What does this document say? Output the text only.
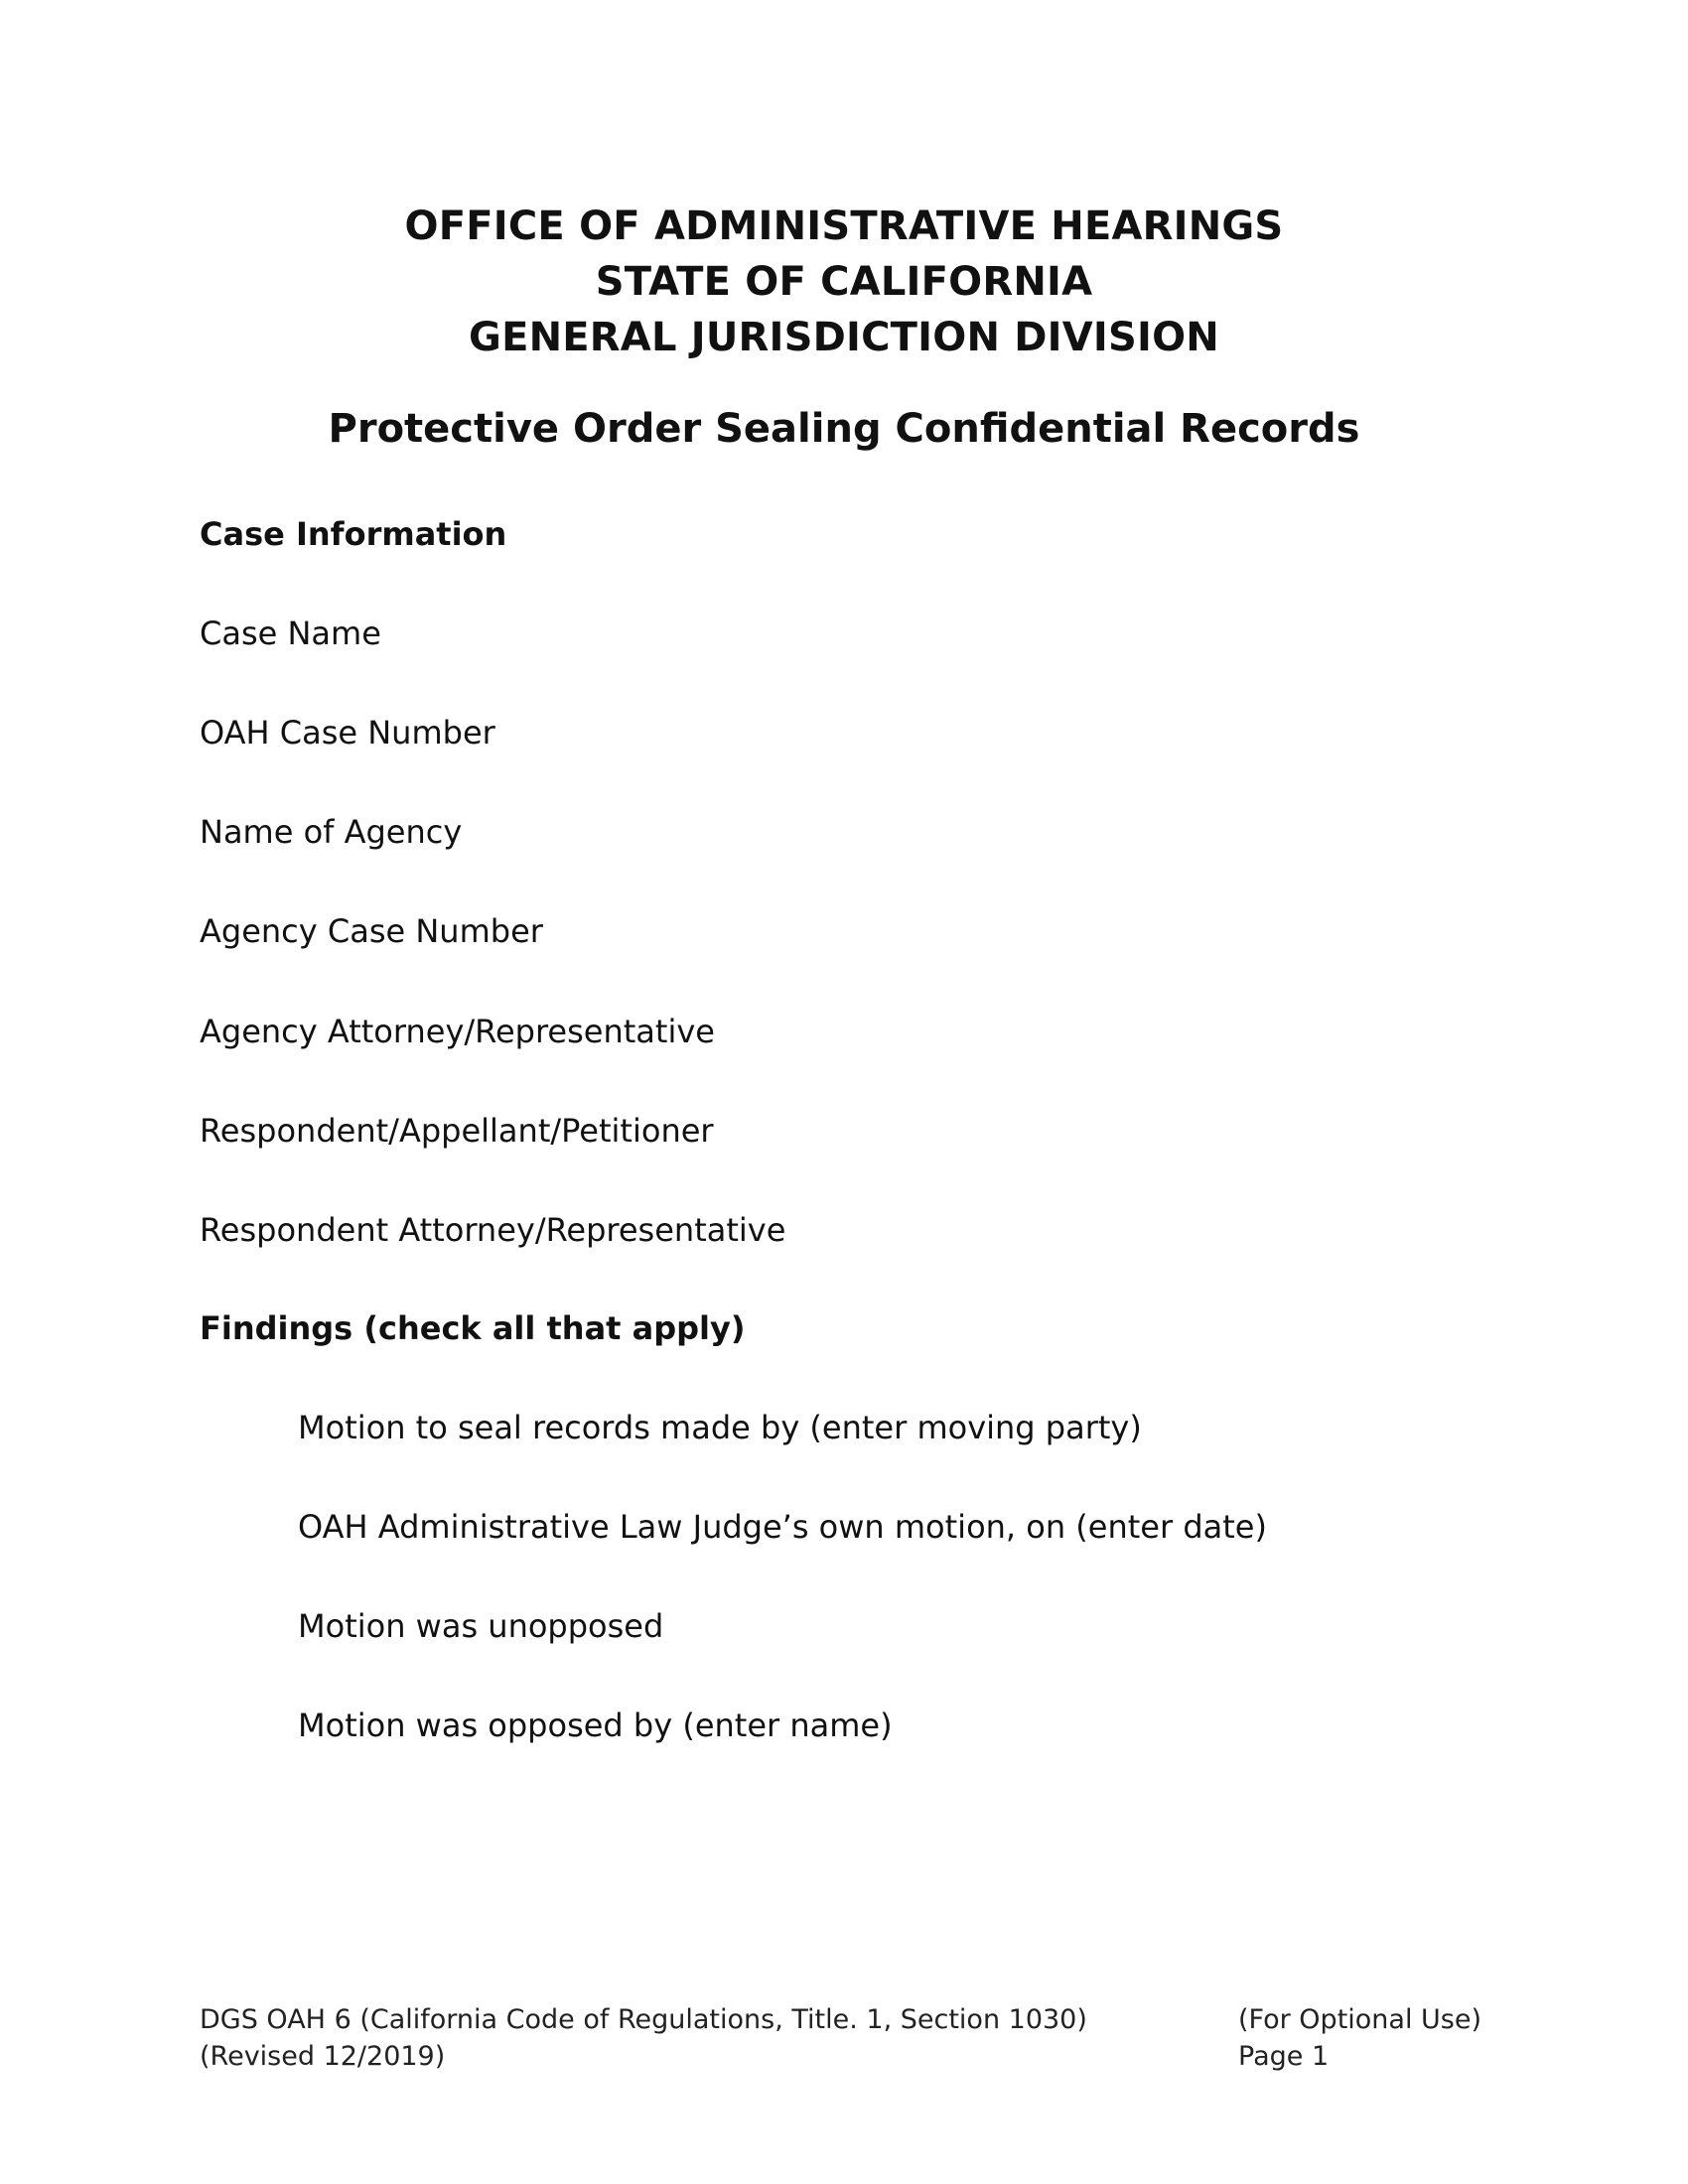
OFFICE OF ADMINISTRATIVE HEARINGS
STATE OF CALIFORNIA
GENERAL JURISDICTION DIVISION
Protective Order Sealing Confidential Records
Case Information
Case Name
OAH Case Number
Name of Agency
Agency Case Number
Agency Attorney/Representative
Respondent/Appellant/Petitioner
Respondent Attorney/Representative
Findings (check all that apply)
Motion to seal records made by (enter moving party)
OAH Administrative Law Judge’s own motion, on (enter date)
Motion was unopposed
Motion was opposed by (enter name)
DGS OAH 6 (California Code of Regulations, Title. 1, Section 1030)
(Revised 12/2019)
(For Optional Use)
Page 1
